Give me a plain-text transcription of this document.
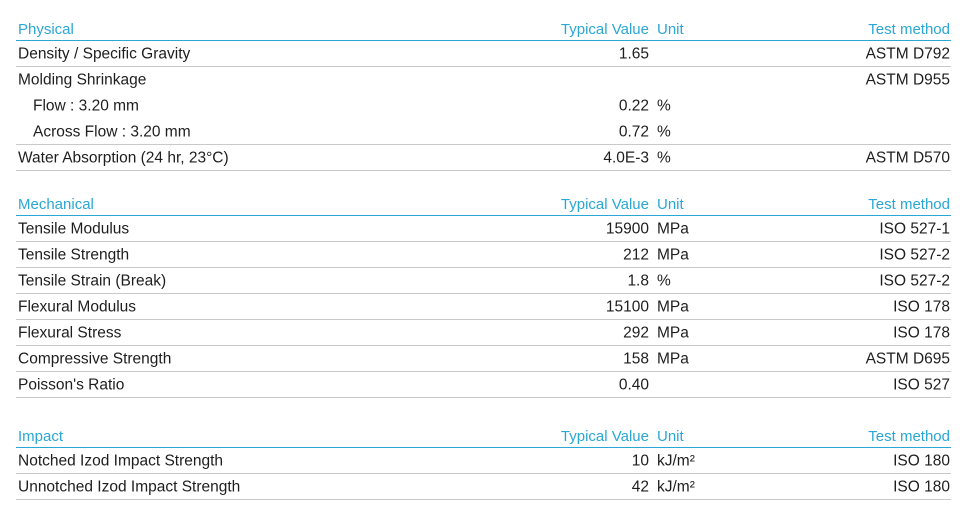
Physical	Typical Value Unit	Test method
Density / Specific Gravity	1.65	ASTM D792
Molding Shrinkage	ASTM D955
Flow : 3.20 mm	0.22 %
Across Flow : 3.20 mm	0.72 %
Water Absorption (24 hr, 23°C)	4.0E-3 %	ASTM D570
Mechanical	Typical Value Unit	Test method
Tensile Modulus	15900 MPa	ISO 527-1
Tensile Strength	212 MPa	ISO 527-2
Tensile Strain (Break)	1.8 %	ISO 527-2
Flexural Modulus	15100 MPa	ISO 178
Flexural Stress	292 MPa	ISO 178
Compressive Strength	158 MPa	ASTM D695
Poisson's Ratio	0.40	ISO 527
Impact	Typical Value Unit	Test method
Notched Izod Impact Strength	10 kJ/m²	ISO 180
Unnotched Izod Impact Strength	42 kJ/m²	ISO 180
